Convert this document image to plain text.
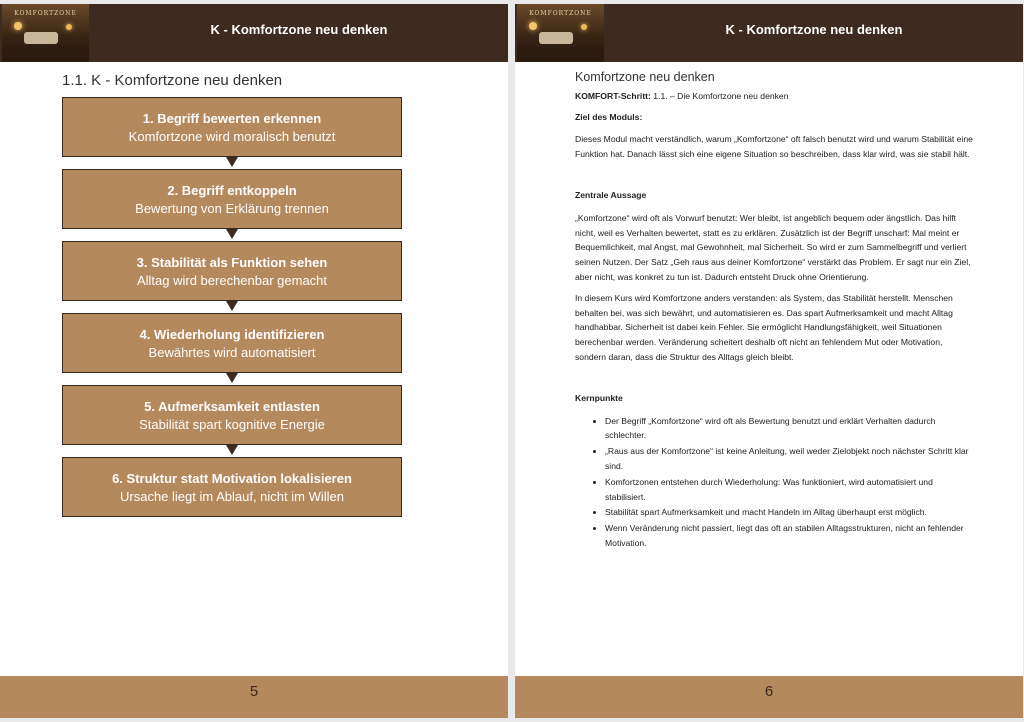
KOMFORTZONE
K - Komfortzone neu denken
1.1. K - Komfortzone neu denken
1. Begriff bewerten erkennen
Komfortzone wird moralisch benutzt
2. Begriff entkoppeln
Bewertung von Erklärung trennen
3. Stabilität als Funktion sehen
Alltag wird berechenbar gemacht
4. Wiederholung identifizieren
Bewährtes wird automatisiert
5. Aufmerksamkeit entlasten
Stabilität spart kognitive Energie
6. Struktur statt Motivation lokalisieren
Ursache liegt im Ablauf, nicht im Willen
5
KOMFORTZONE
K - Komfortzone neu denken
Komfortzone neu denken

KOMFORT-Schritt: 1.1. – Die Komfortzone neu denken

Ziel des Moduls:

Dieses Modul macht verständlich, warum „Komfortzone“ oft falsch benutzt wird und warum Stabilität eine Funktion hat. Danach lässt sich eine eigene Situation so beschreiben, dass klar wird, was sie stabil hält.

Zentrale Aussage

„Komfortzone“ wird oft als Vorwurf benutzt: Wer bleibt, ist angeblich bequem oder ängstlich. Das hilft nicht, weil es Verhalten bewertet, statt es zu erklären. Zusätzlich ist der Begriff unscharf: Mal meint er Bequemlichkeit, mal Angst, mal Gewohnheit, mal Sicherheit. So wird er zum Sammelbegriff und verliert seinen Nutzen. Der Satz „Geh raus aus deiner Komfortzone“ verstärkt das Problem. Er sagt nur ein Ziel, aber nicht, was konkret zu tun ist. Dadurch entsteht Druck ohne Orientierung.

In diesem Kurs wird Komfortzone anders verstanden: als System, das Stabilität herstellt. Menschen behalten bei, was sich bewährt, und automatisieren es. Das spart Aufmerksamkeit und macht Alltag handhabbar. Sicherheit ist dabei kein Fehler. Sie ermöglicht Handlungsfähigkeit, weil Situationen berechenbar werden. Veränderung scheitert deshalb oft nicht an fehlendem Mut oder Motivation, sondern daran, dass die Struktur des Alltags gleich bleibt.

Kernpunkte
• Der Begriff „Komfortzone“ wird oft als Bewertung benutzt und erklärt Verhalten dadurch schlechter.
• „Raus aus der Komfortzone“ ist keine Anleitung, weil weder Zielobjekt noch nächster Schritt klar sind.
• Komfortzonen entstehen durch Wiederholung: Was funktioniert, wird automatisiert und stabilisiert.
• Stabilität spart Aufmerksamkeit und macht Handeln im Alltag überhaupt erst möglich.
• Wenn Veränderung nicht passiert, liegt das oft an stabilen Alltagsstrukturen, nicht an fehlender Motivation.
6
